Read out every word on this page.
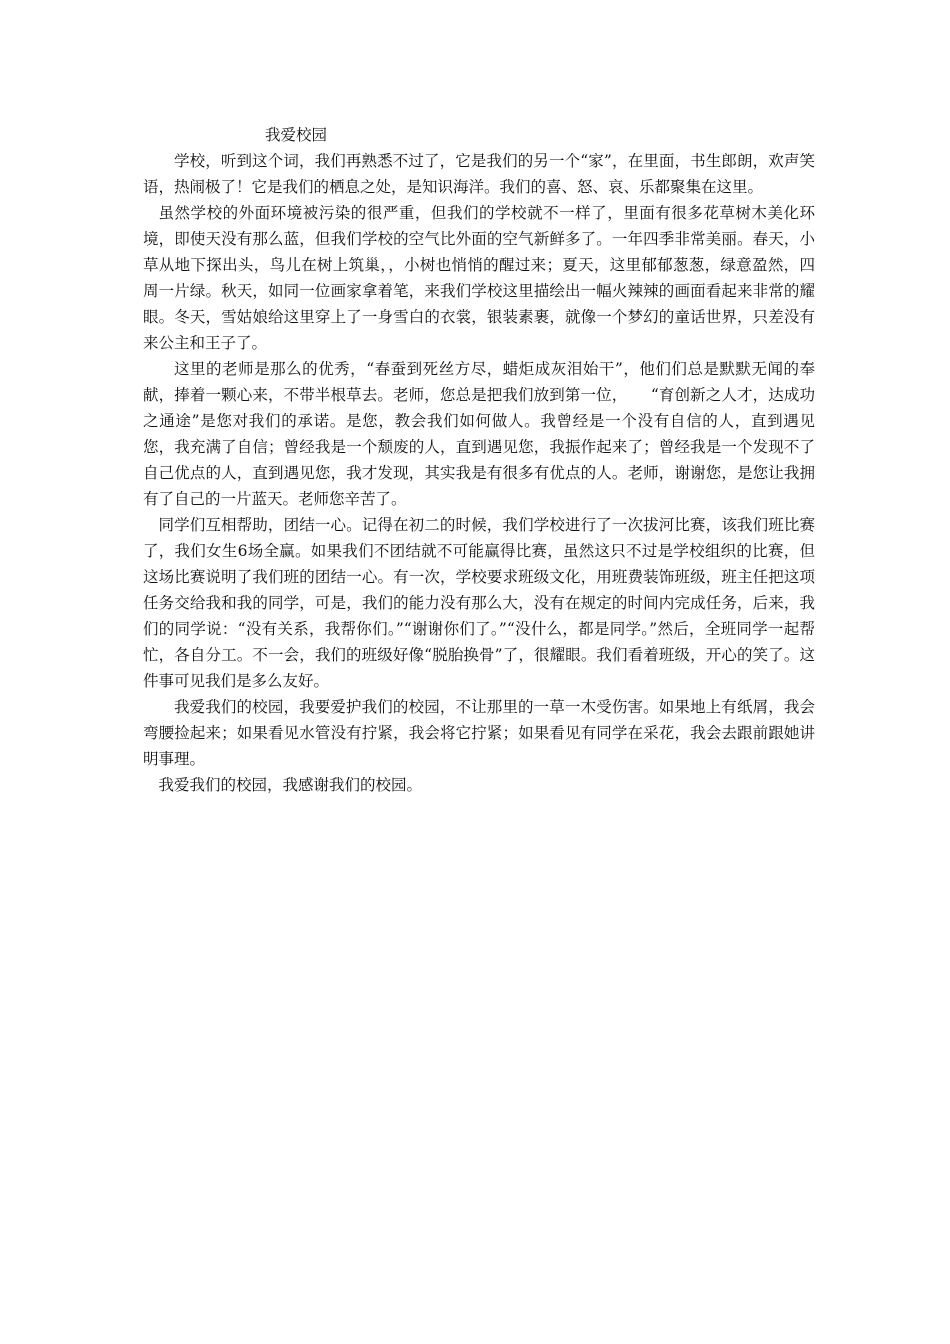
我爱校园

学校，听到这个词，我们再熟悉不过了，它是我们的另一个“家”，在里面，书生郎朗，欢声笑语，热闹极了！它是我们的栖息之处，是知识海洋。我们的喜、怒、哀、乐都聚集在这里。

虽然学校的外面环境被污染的很严重，但我们的学校就不一样了，里面有很多花草树木美化环境，即使天没有那么蓝，但我们学校的空气比外面的空气新鲜多了。一年四季非常美丽。春天，小草从地下探出头，鸟儿在树上筑巢，，小树也悄悄的醒过来；夏天，这里郁郁葱葱，绿意盈然，四周一片绿。秋天，如同一位画家拿着笔，来我们学校这里描绘出一幅火辣辣的画面看起来非常的耀眼。冬天，雪姑娘给这里穿上了一身雪白的衣裳，银装素裹，就像一个梦幻的童话世界，只差没有来公主和王子了。

这里的老师是那么的优秀，“春蚕到死丝方尽，蜡炬成灰泪始干”，他们们总是默默无闻的奉献，捧着一颗心来，不带半根草去。老师，您总是把我们放到第一位，　　“育创新之人才，达成功之通途”是您对我们的承诺。是您，教会我们如何做人。我曾经是一个没有自信的人，直到遇见您，我充满了自信；曾经我是一个颓废的人，直到遇见您，我振作起来了；曾经我是一个发现不了自己优点的人，直到遇见您，我才发现，其实我是有很多有优点的人。老师，谢谢您，是您让我拥有了自己的一片蓝天。老师您辛苦了。

同学们互相帮助，团结一心。记得在初二的时候，我们学校进行了一次拔河比赛，该我们班比赛了，我们女生6场全赢。如果我们不团结就不可能赢得比赛，虽然这只不过是学校组织的比赛，但这场比赛说明了我们班的团结一心。有一次，学校要求班级文化，用班费装饰班级，班主任把这项任务交给我和我的同学，可是，我们的能力没有那么大，没有在规定的时间内完成任务，后来，我们的同学说：“没有关系，我帮你们。”“谢谢你们了。”“没什么，都是同学。”然后，全班同学一起帮忙，各自分工。不一会，我们的班级好像“脱胎换骨”了，很耀眼。我们看着班级，开心的笑了。这件事可见我们是多么友好。

我爱我们的校园，我要爱护我们的校园，不让那里的一草一木受伤害。如果地上有纸屑，我会弯腰捡起来；如果看见水管没有拧紧，我会将它拧紧；如果看见有同学在采花，我会去跟前跟她讲明事理。

我爱我们的校园，我感谢我们的校园。
